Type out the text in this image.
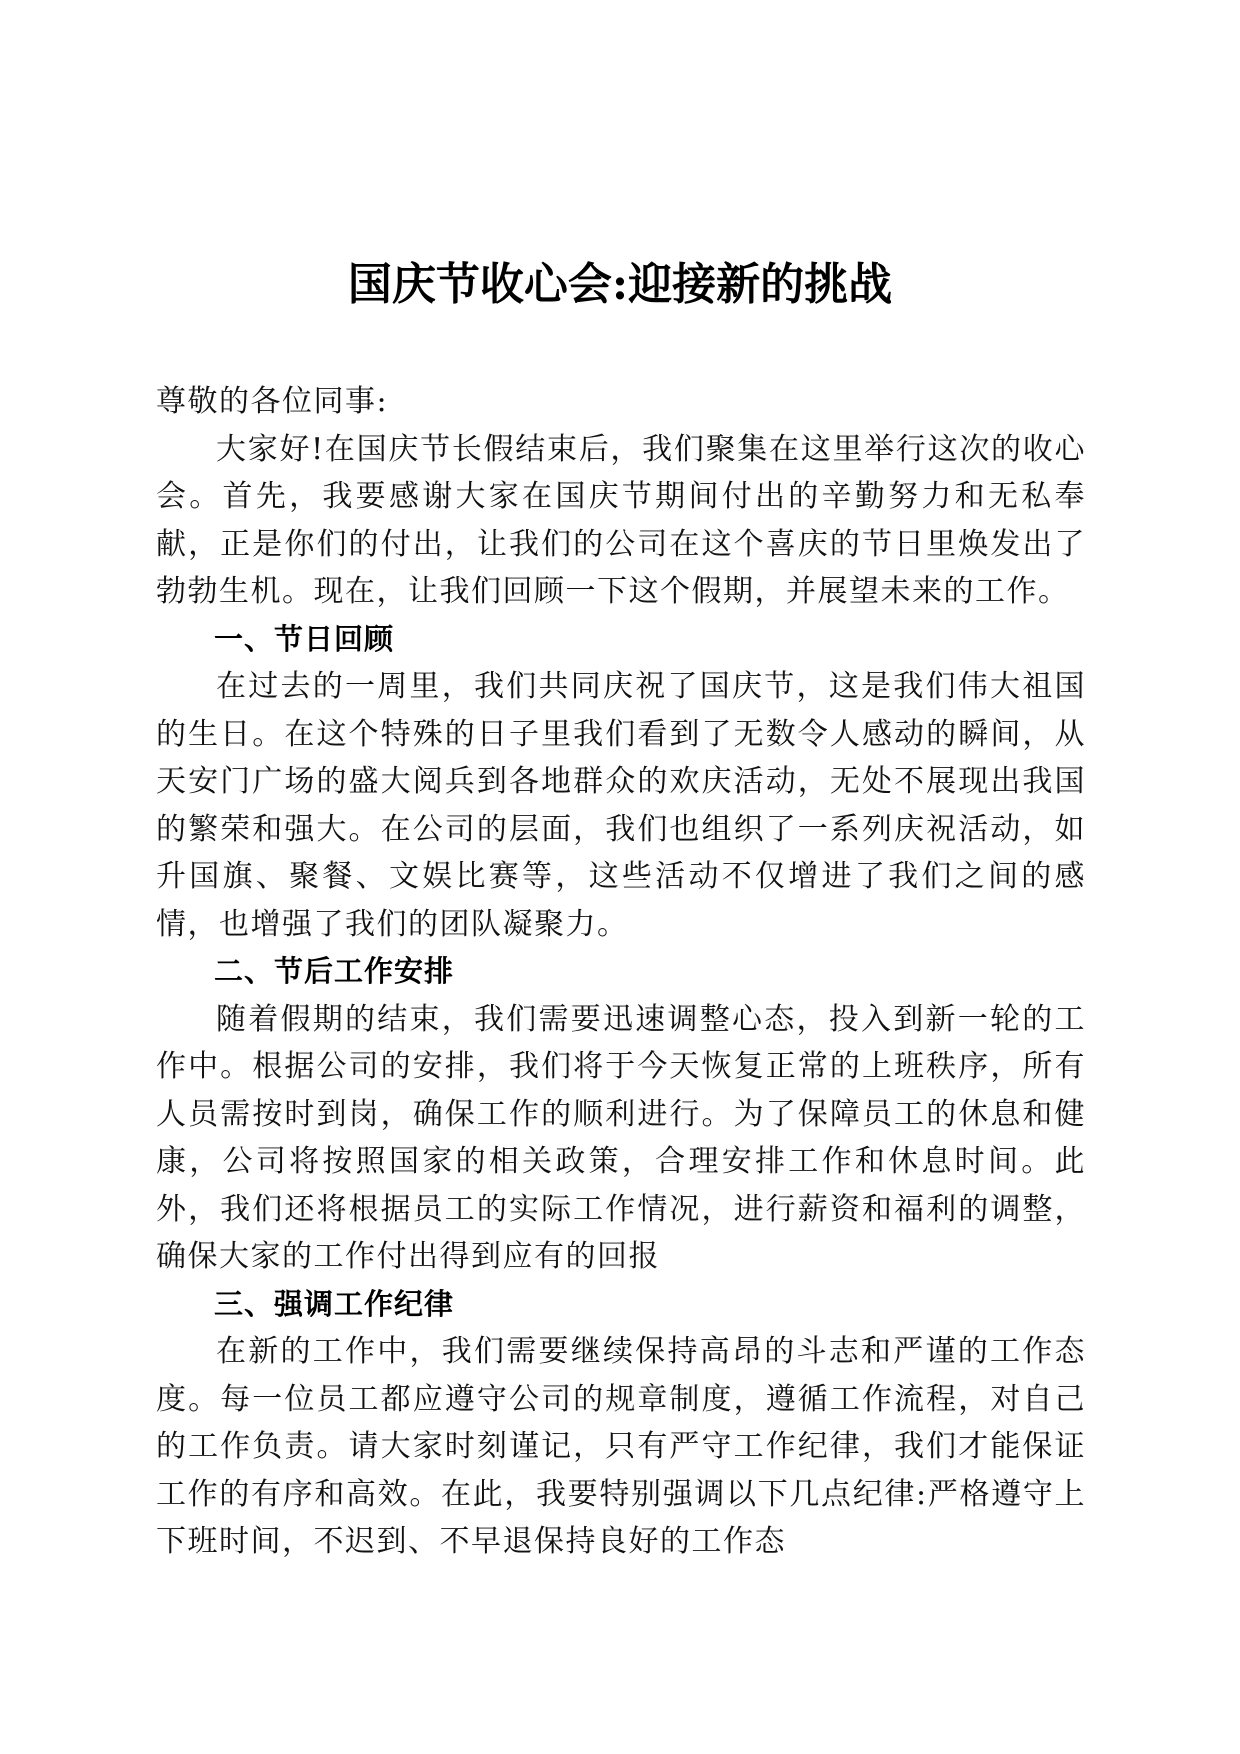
国庆节收心会:迎接新的挑战

尊敬的各位同事:

大家好!在国庆节长假结束后，我们聚集在这里举行这次的收心会。首先，我要感谢大家在国庆节期间付出的辛勤努力和无私奉献，正是你们的付出，让我们的公司在这个喜庆的节日里焕发出了勃勃生机。现在，让我们回顾一下这个假期，并展望未来的工作。

一、节日回顾

在过去的一周里，我们共同庆祝了国庆节，这是我们伟大祖国的生日。在这个特殊的日子里我们看到了无数令人感动的瞬间，从天安门广场的盛大阅兵到各地群众的欢庆活动，无处不展现出我国的繁荣和强大。在公司的层面，我们也组织了一系列庆祝活动，如升国旗、聚餐、文娱比赛等，这些活动不仅增进了我们之间的感情，也增强了我们的团队凝聚力。

二、节后工作安排

随着假期的结束，我们需要迅速调整心态，投入到新一轮的工作中。根据公司的安排，我们将于今天恢复正常的上班秩序，所有人员需按时到岗，确保工作的顺利进行。为了保障员工的休息和健康，公司将按照国家的相关政策，合理安排工作和休息时间。此外，我们还将根据员工的实际工作情况，进行薪资和福利的调整，确保大家的工作付出得到应有的回报

三、强调工作纪律

在新的工作中，我们需要继续保持高昂的斗志和严谨的工作态度。每一位员工都应遵守公司的规章制度，遵循工作流程，对自己的工作负责。请大家时刻谨记，只有严守工作纪律，我们才能保证工作的有序和高效。在此，我要特别强调以下几点纪律:严格遵守上下班时间，不迟到、不早退保持良好的工作态
